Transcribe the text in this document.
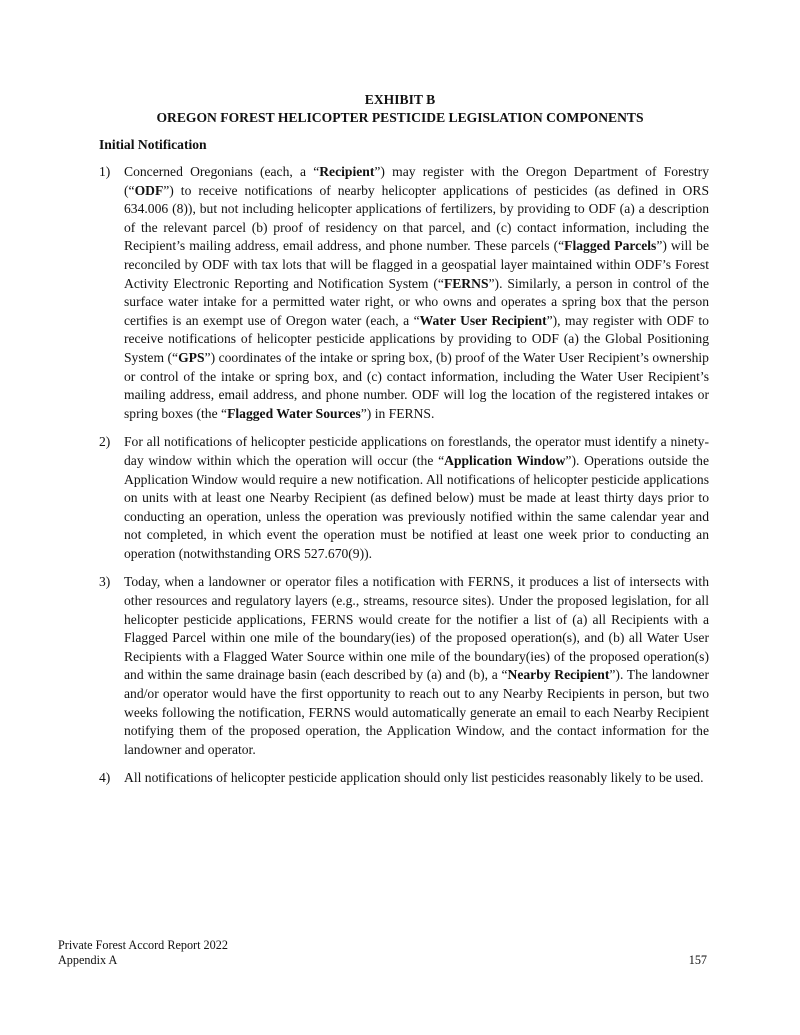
EXHIBIT B
OREGON FOREST HELICOPTER PESTICIDE LEGISLATION COMPONENTS
Initial Notification
1) Concerned Oregonians (each, a “Recipient”) may register with the Oregon Department of Forestry (“ODF”) to receive notifications of nearby helicopter applications of pesticides (as defined in ORS 634.006 (8)), but not including helicopter applications of fertilizers, by providing to ODF (a) a description of the relevant parcel (b) proof of residency on that parcel, and (c) contact information, including the Recipient’s mailing address, email address, and phone number. These parcels (“Flagged Parcels”) will be reconciled by ODF with tax lots that will be flagged in a geospatial layer maintained within ODF’s Forest Activity Electronic Reporting and Notification System (“FERNS”). Similarly, a person in control of the surface water intake for a permitted water right, or who owns and operates a spring box that the person certifies is an exempt use of Oregon water (each, a “Water User Recipient”), may register with ODF to receive notifications of helicopter pesticide applications by providing to ODF (a) the Global Positioning System (“GPS”) coordinates of the intake or spring box, (b) proof of the Water User Recipient’s ownership or control of the intake or spring box, and (c) contact information, including the Water User Recipient’s mailing address, email address, and phone number. ODF will log the location of the registered intakes or spring boxes (the “Flagged Water Sources”) in FERNS.
2) For all notifications of helicopter pesticide applications on forestlands, the operator must identify a ninety-day window within which the operation will occur (the “Application Window”). Operations outside the Application Window would require a new notification. All notifications of helicopter pesticide applications on units with at least one Nearby Recipient (as defined below) must be made at least thirty days prior to conducting an operation, unless the operation was previously notified within the same calendar year and not completed, in which event the operation must be notified at least one week prior to conducting an operation (notwithstanding ORS 527.670(9)).
3) Today, when a landowner or operator files a notification with FERNS, it produces a list of intersects with other resources and regulatory layers (e.g., streams, resource sites). Under the proposed legislation, for all helicopter pesticide applications, FERNS would create for the notifier a list of (a) all Recipients with a Flagged Parcel within one mile of the boundary(ies) of the proposed operation(s), and (b) all Water User Recipients with a Flagged Water Source within one mile of the boundary(ies) of the proposed operation(s) and within the same drainage basin (each described by (a) and (b), a “Nearby Recipient”). The landowner and/or operator would have the first opportunity to reach out to any Nearby Recipients in person, but two weeks following the notification, FERNS would automatically generate an email to each Nearby Recipient notifying them of the proposed operation, the Application Window, and the contact information for the landowner and operator.
4) All notifications of helicopter pesticide application should only list pesticides reasonably likely to be used.
Private Forest Accord Report 2022
Appendix A	157
